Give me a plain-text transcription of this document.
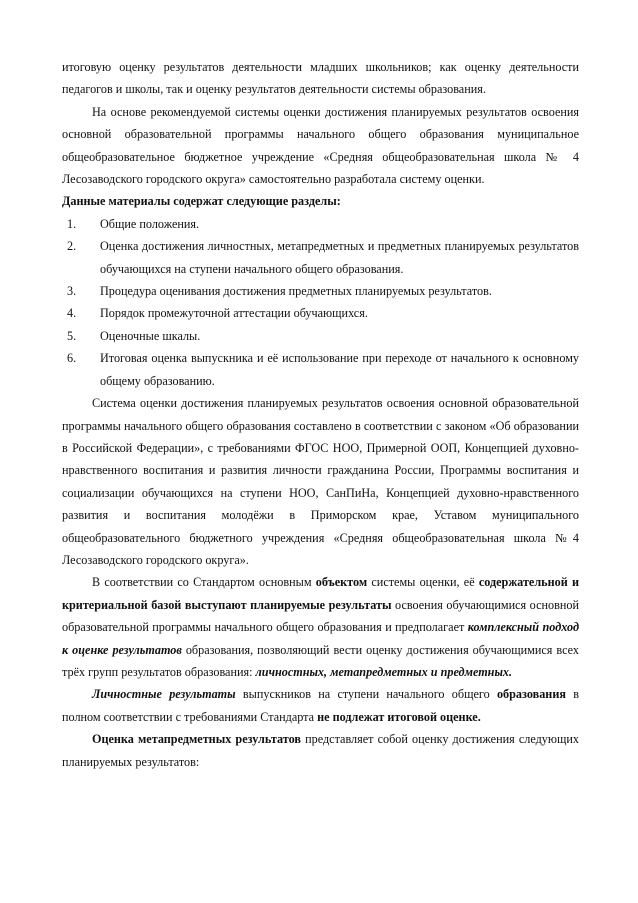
итоговую оценку результатов деятельности младших школьников; как оценку деятельности

педагогов и школы, так и оценку результатов деятельности системы образования.

На основе рекомендуемой системы оценки достижения планируемых результатов освоения основной образовательной программы начального общего образования муниципальное общеобразовательное бюджетное учреждение «Средняя общеобразовательная школа № 4 Лесозаводского городского округа» самостоятельно разработала систему оценки.

Данные материалы содержат следующие разделы:

1. Общие положения.
2. Оценка достижения личностных, метапредметных и предметных планируемых результатов обучающихся на ступени начального общего образования.
3. Процедура оценивания достижения предметных планируемых результатов.
4. Порядок промежуточной аттестации обучающихся.
5. Оценочные шкалы.
6. Итоговая оценка выпускника и её использование при переходе от начального к основному общему образованию.

Система оценки достижения планируемых результатов освоения основной образовательной программы начального общего образования составлено в соответствии с законом «Об образовании в Российской Федерации», с требованиями ФГОС НОО, Примерной ООП, Концепцией духовно-нравственного воспитания и развития личности гражданина России, Программы воспитания и социализации обучающихся на ступени НОО, СанПиНа, Концепцией духовно-нравственного развития и воспитания молодёжи в Приморском крае, Уставом муниципального общеобразовательного бюджетного учреждения «Средняя общеобразовательная школа №4 Лесозаводского городского округа».

В соответствии со Стандартом основным объектом системы оценки, её содержательной и критериальной базой выступают планируемые результаты освоения обучающимися основной образовательной программы начального общего образования и предполагает комплексный подход к оценке результатов образования, позволяющий вести оценку достижения обучающимися всех трёх групп результатов образования: личностных, метапредметных и предметных.

Личностные результаты выпускников на ступени начального общего образования в полном соответствии с требованиями Стандарта не подлежат итоговой оценке.

Оценка метапредметных результатов представляет собой оценку достижения следующих планируемых результатов:
